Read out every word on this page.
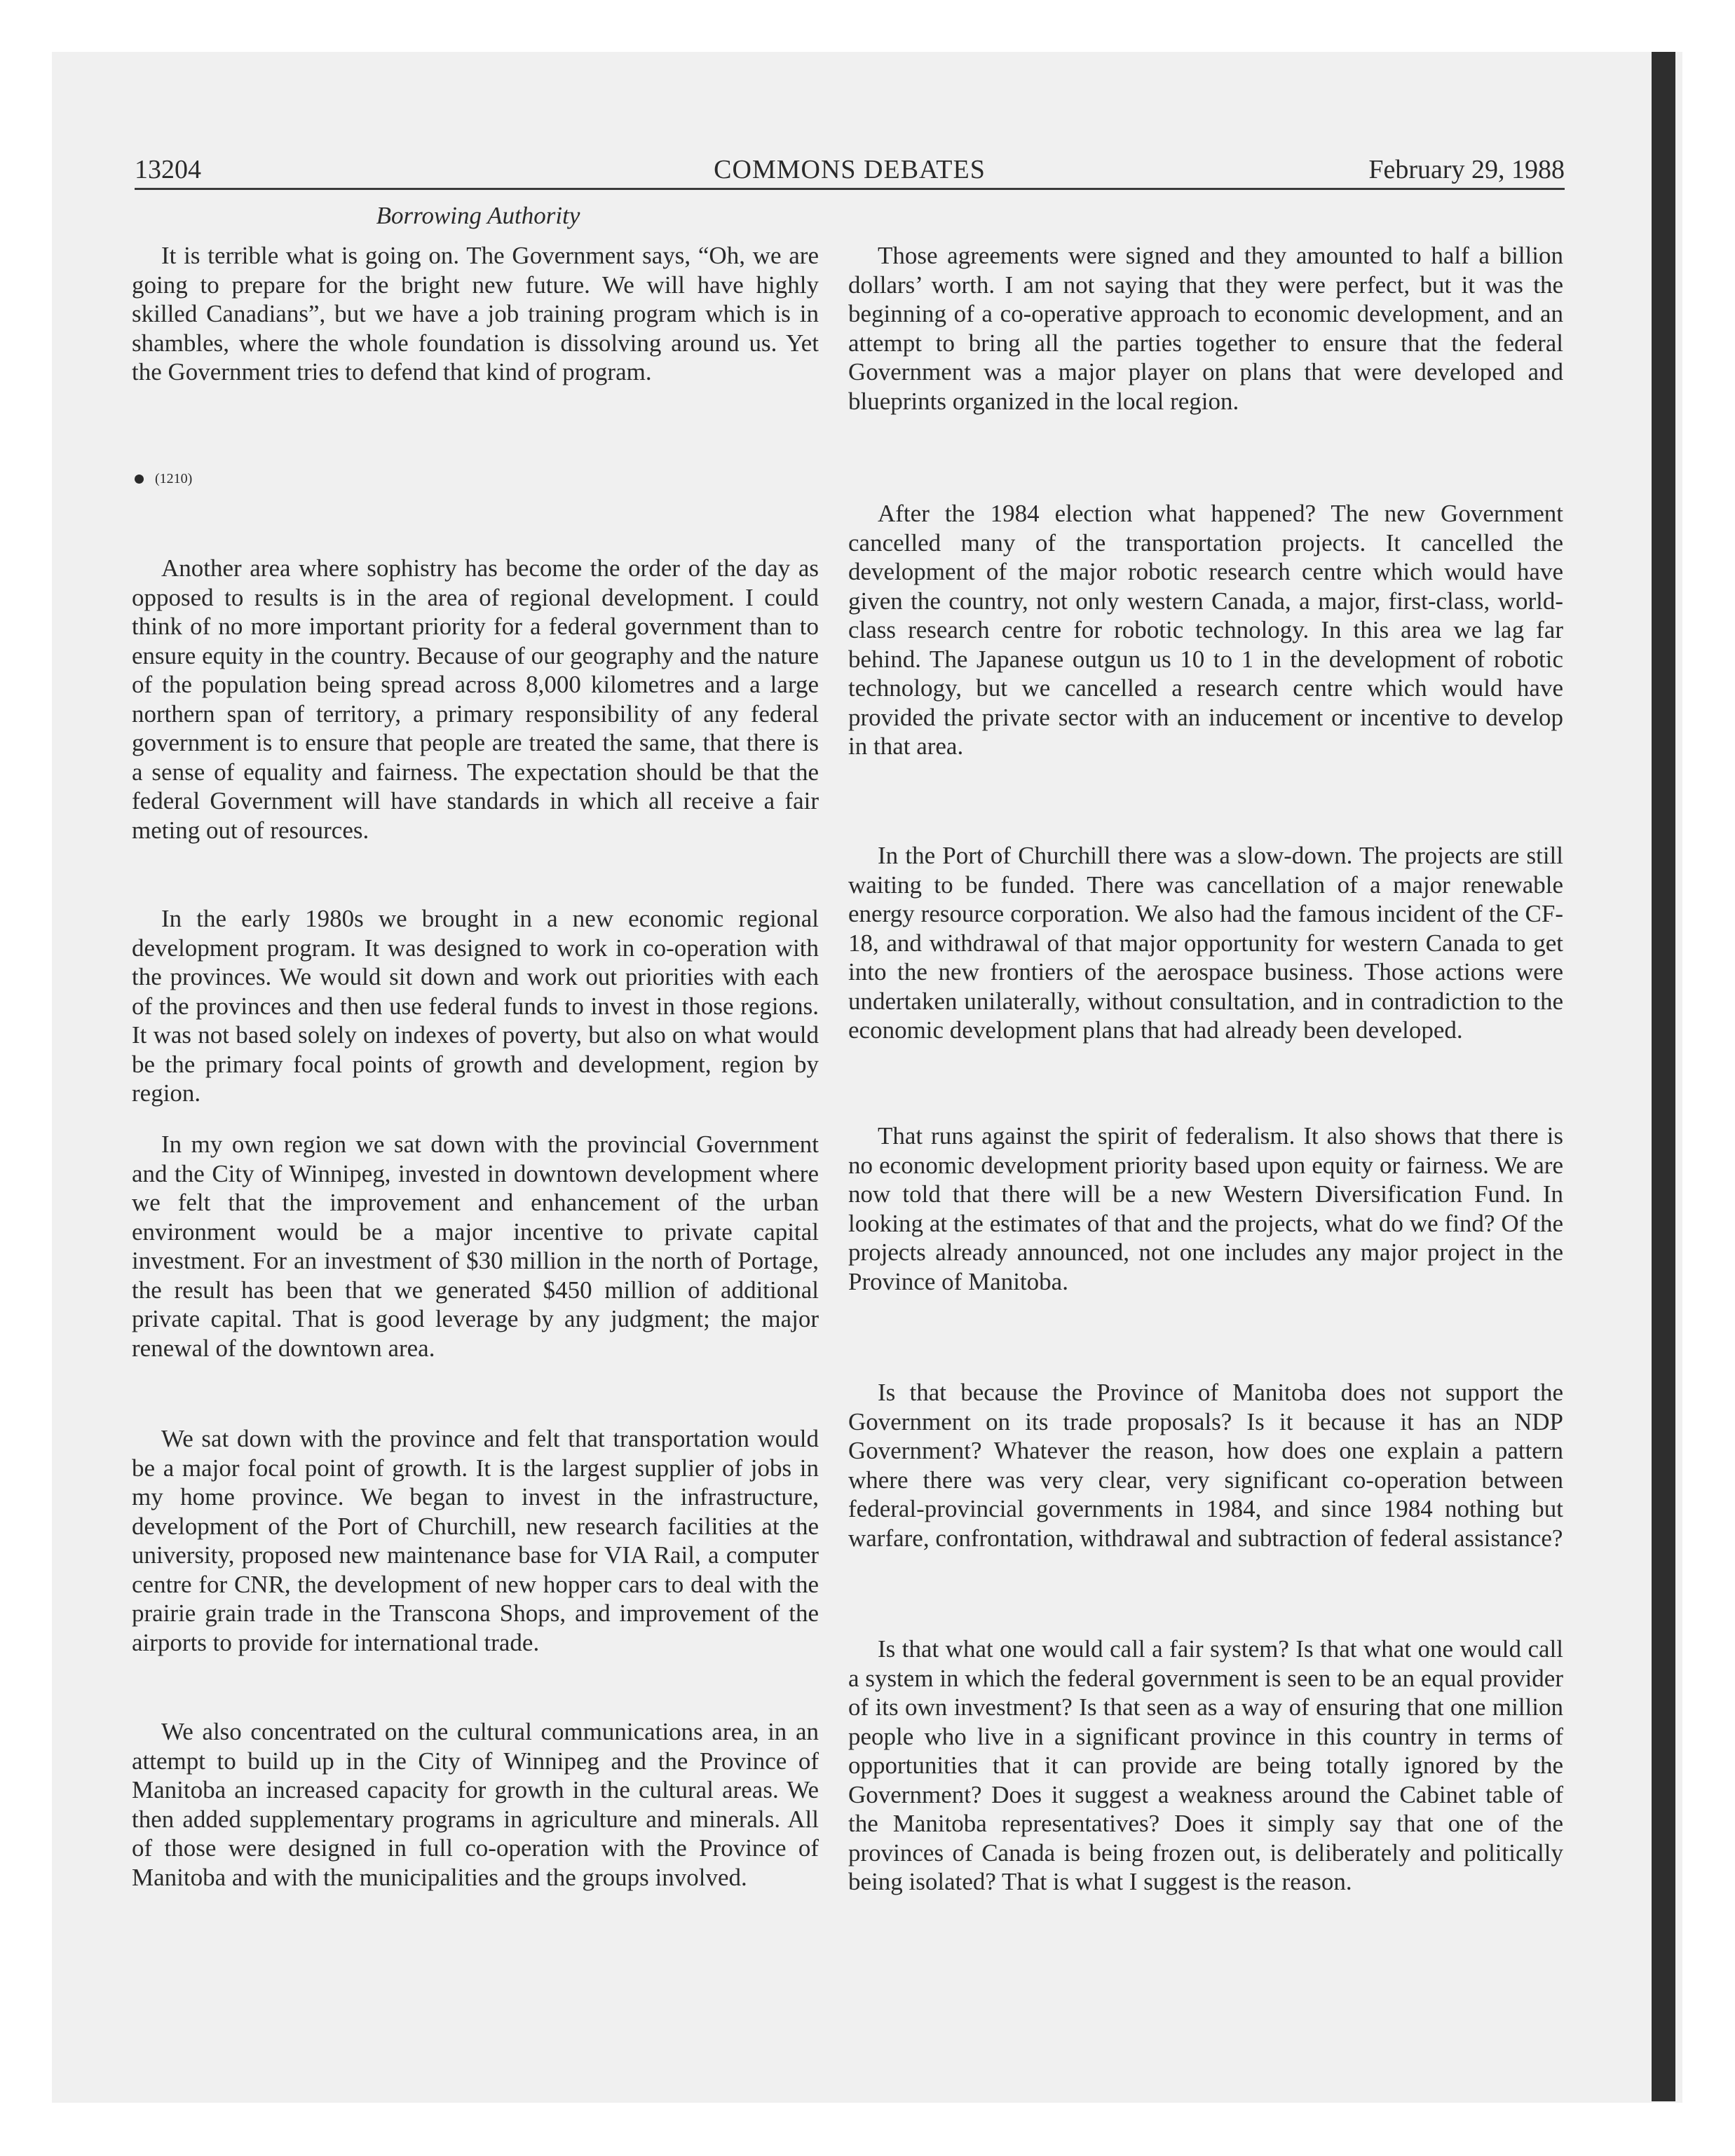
13204	COMMONS DEBATES	February 29, 1988
Borrowing Authority

It is terrible what is going on. The Government says, “Oh, we are going to prepare for the bright new future. We will have highly skilled Canadians”, but we have a job training program which is in shambles, where the whole foundation is dissolving around us. Yet the Government tries to defend that kind of program.

(1210)

Another area where sophistry has become the order of the day as opposed to results is in the area of regional development. I could think of no more important priority for a federal government than to ensure equity in the country. Because of our geography and the nature of the population being spread across 8,000 kilometres and a large northern span of territory, a primary responsibility of any federal government is to ensure that people are treated the same, that there is a sense of equality and fairness. The expectation should be that the federal Government will have standards in which all receive a fair meting out of resources.

In the early 1980s we brought in a new economic regional development program. It was designed to work in co-operation with the provinces. We would sit down and work out priorities with each of the provinces and then use federal funds to invest in those regions. It was not based solely on indexes of poverty, but also on what would be the primary focal points of growth and development, region by region.

In my own region we sat down with the provincial Government and the City of Winnipeg, invested in downtown development where we felt that the improvement and enhancement of the urban environment would be a major incentive to private capital investment. For an investment of $30 million in the north of Portage, the result has been that we generated $450 million of additional private capital. That is good leverage by any judgment; the major renewal of the downtown area.

We sat down with the province and felt that transportation would be a major focal point of growth. It is the largest supplier of jobs in my home province. We began to invest in the infrastructure, development of the Port of Churchill, new research facilities at the university, proposed new maintenance base for VIA Rail, a computer centre for CNR, the development of new hopper cars to deal with the prairie grain trade in the Transcona Shops, and improvement of the airports to provide for international trade.

We also concentrated on the cultural communications area, in an attempt to build up in the City of Winnipeg and the Province of Manitoba an increased capacity for growth in the cultural areas. We then added supplementary programs in agriculture and minerals. All of those were designed in full co-operation with the Province of Manitoba and with the municipalities and the groups involved.

Those agreements were signed and they amounted to half a billion dollars’ worth. I am not saying that they were perfect, but it was the beginning of a co-operative approach to economic development, and an attempt to bring all the parties together to ensure that the federal Government was a major player on plans that were developed and blueprints organized in the local region.

After the 1984 election what happened? The new Government cancelled many of the transportation projects. It cancelled the development of the major robotic research centre which would have given the country, not only western Canada, a major, first-class, world-class research centre for robotic technology. In this area we lag far behind. The Japanese outgun us 10 to 1 in the development of robotic technology, but we cancelled a research centre which would have provided the private sector with an inducement or incentive to develop in that area.

In the Port of Churchill there was a slow-down. The projects are still waiting to be funded. There was cancellation of a major renewable energy resource corporation. We also had the famous incident of the CF-18, and withdrawal of that major opportunity for western Canada to get into the new frontiers of the aerospace business. Those actions were undertaken unilaterally, without consultation, and in contradiction to the economic development plans that had already been developed.

That runs against the spirit of federalism. It also shows that there is no economic development priority based upon equity or fairness. We are now told that there will be a new Western Diversification Fund. In looking at the estimates of that and the projects, what do we find? Of the projects already announced, not one includes any major project in the Province of Manitoba.

Is that because the Province of Manitoba does not support the Government on its trade proposals? Is it because it has an NDP Government? Whatever the reason, how does one explain a pattern where there was very clear, very significant co-operation between federal-provincial governments in 1984, and since 1984 nothing but warfare, confrontation, withdrawal and subtraction of federal assistance?

Is that what one would call a fair system? Is that what one would call a system in which the federal government is seen to be an equal provider of its own investment? Is that seen as a way of ensuring that one million people who live in a significant province in this country in terms of opportunities that it can provide are being totally ignored by the Government? Does it suggest a weakness around the Cabinet table of the Manitoba representatives? Does it simply say that one of the provinces of Canada is being frozen out, is deliberately and politically being isolated? That is what I suggest is the reason.
